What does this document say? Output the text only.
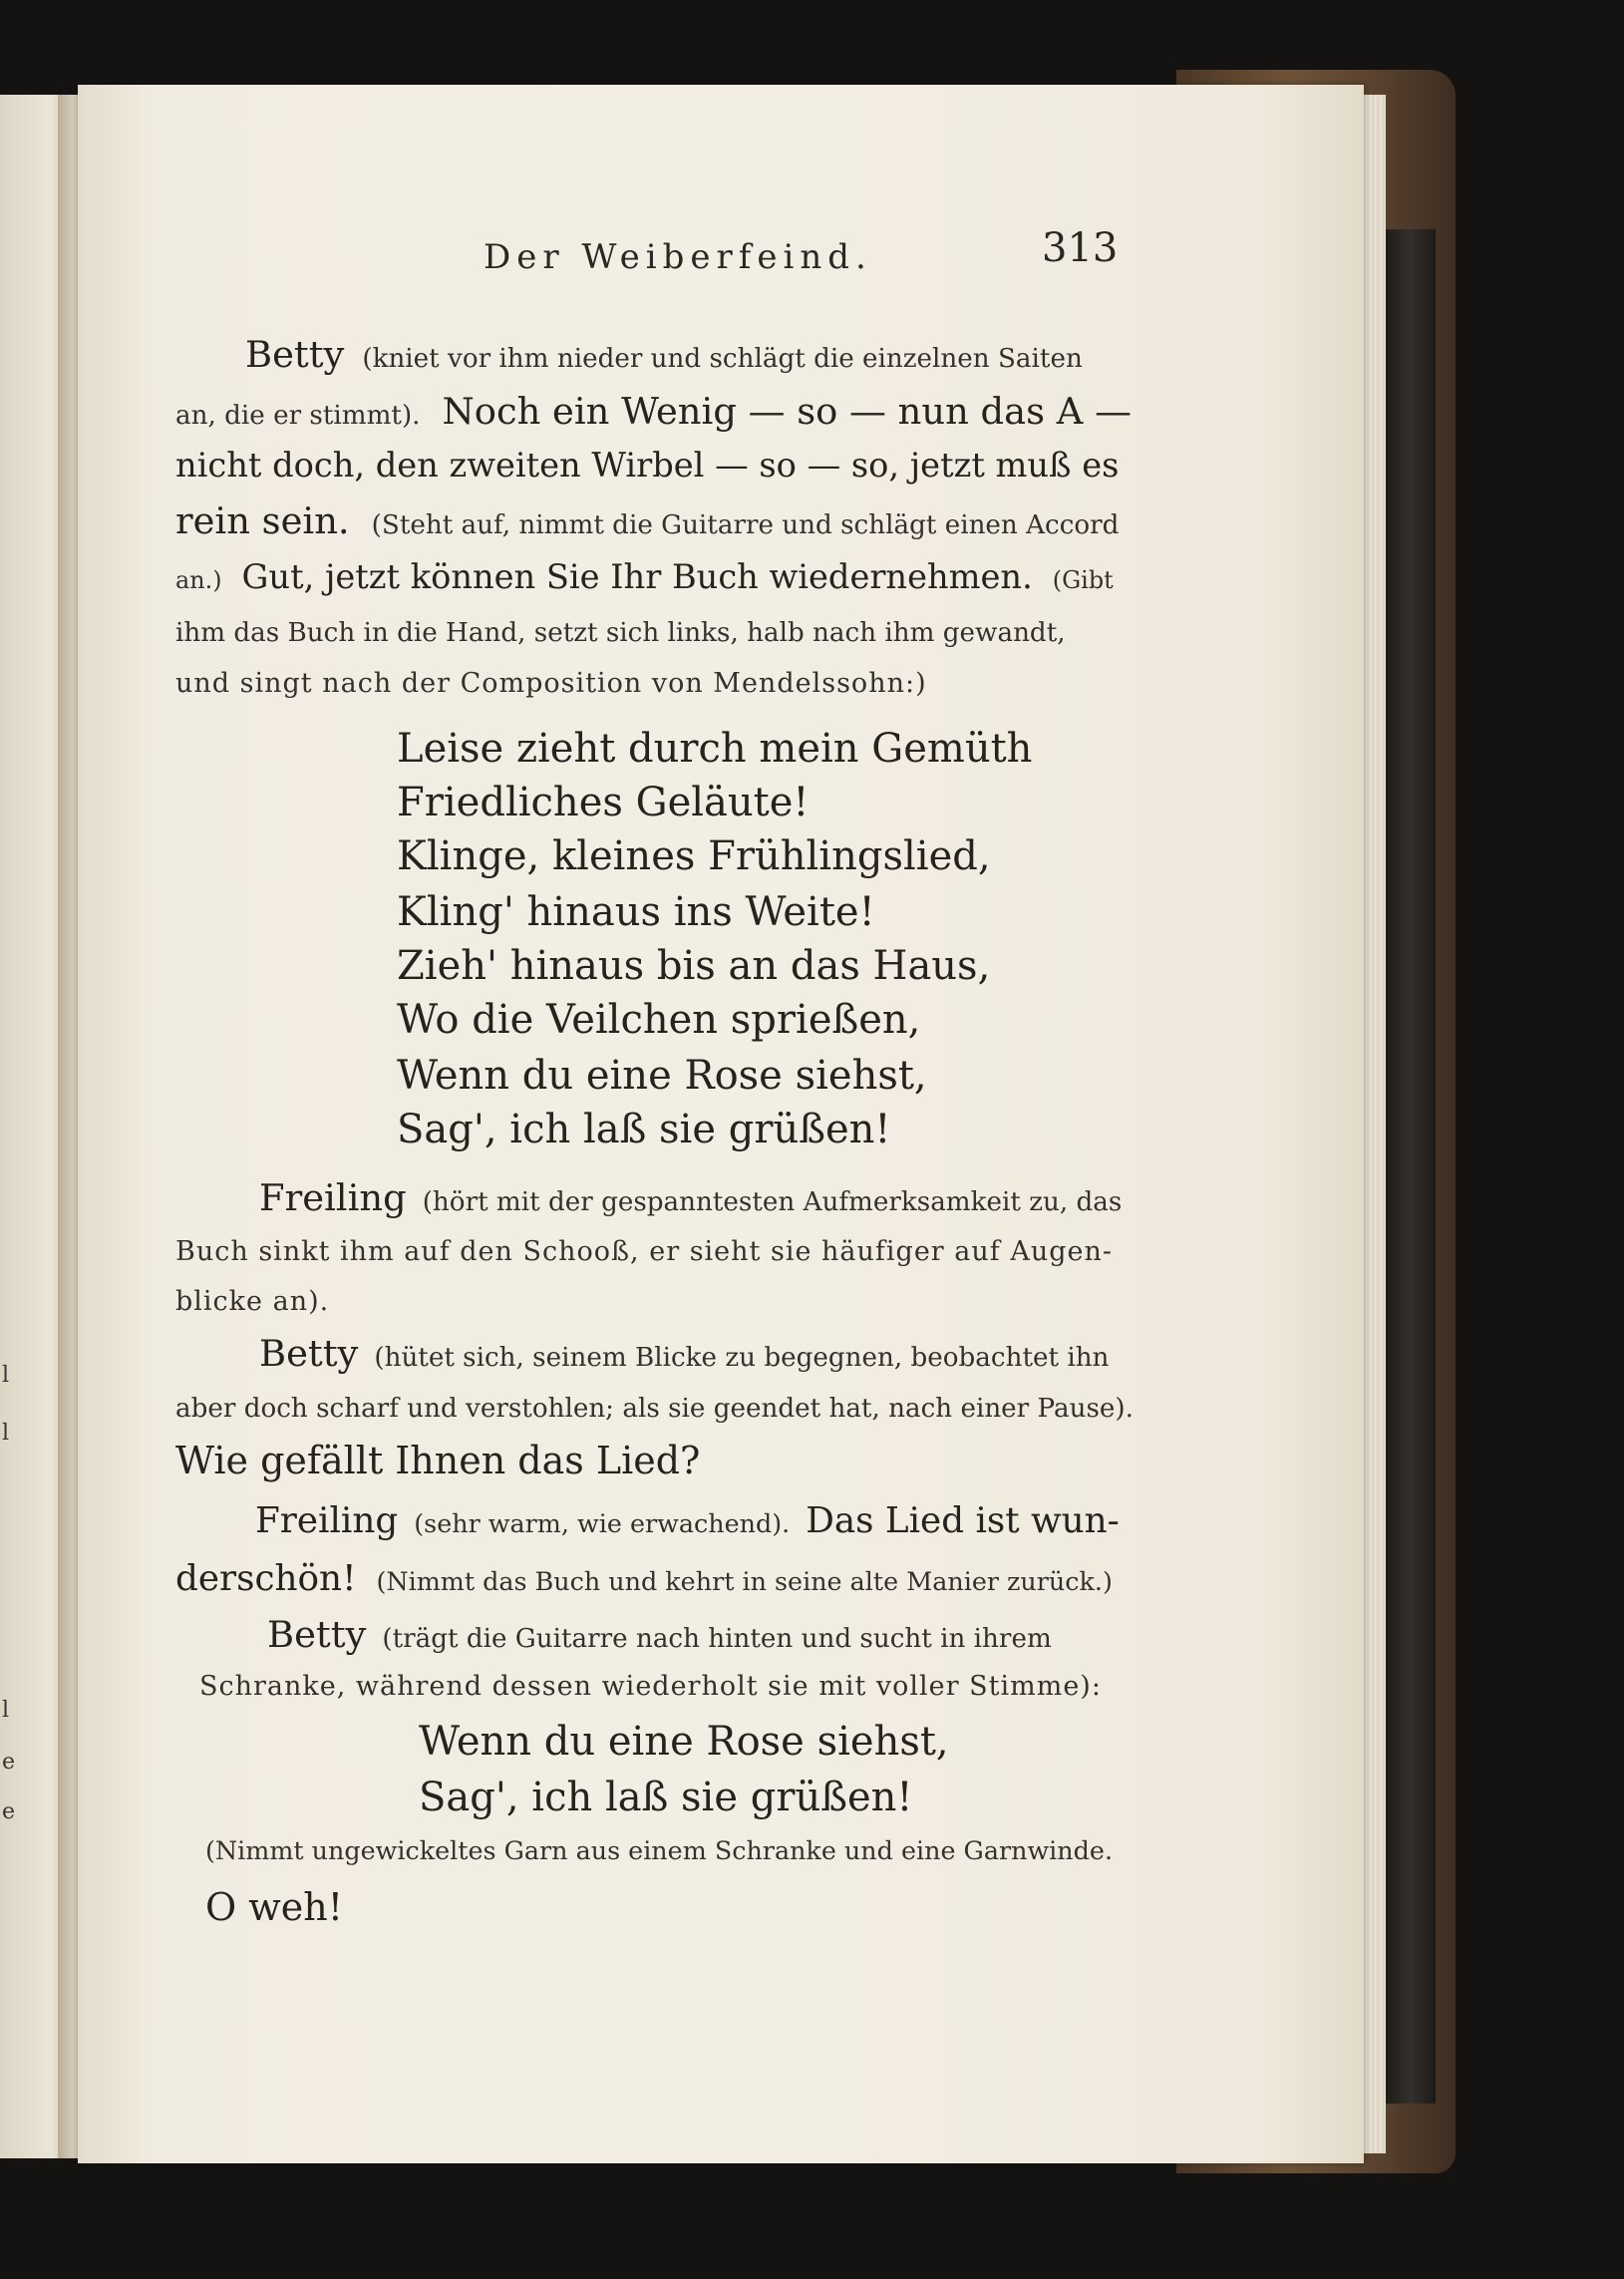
l
l
l
e
e
Der Weiberfeind.	313
Betty (kniet vor ihm nieder und schlägt die einzelnen Saiten
an, die er stimmt). Noch ein Wenig — so — nun das A —
nicht doch, den zweiten Wirbel — so — so, jetzt muß es
rein sein. (Steht auf, nimmt die Guitarre und schlägt einen Accord
an.) Gut, jetzt können Sie Ihr Buch wiedernehmen. (Gibt
ihm das Buch in die Hand, setzt sich links, halb nach ihm gewandt,
und singt nach der Composition von Mendelssohn:)
Leise zieht durch mein Gemüth
Friedliches Geläute!
Klinge, kleines Frühlingslied,
Kling' hinaus ins Weite!
Zieh' hinaus bis an das Haus,
Wo die Veilchen sprießen,
Wenn du eine Rose siehst,
Sag', ich laß sie grüßen!
Freiling (hört mit der gespanntesten Aufmerksamkeit zu, das
Buch sinkt ihm auf den Schooß, er sieht sie häufiger auf Augen-
blicke an).
Betty (hütet sich, seinem Blicke zu begegnen, beobachtet ihn
aber doch scharf und verstohlen; als sie geendet hat, nach einer Pause).
Wie gefällt Ihnen das Lied?
Freiling (sehr warm, wie erwachend). Das Lied ist wun-
derschön! (Nimmt das Buch und kehrt in seine alte Manier zurück.)
Betty (trägt die Guitarre nach hinten und sucht in ihrem
Schranke, während dessen wiederholt sie mit voller Stimme):
Wenn du eine Rose siehst,
Sag', ich laß sie grüßen!
(Nimmt ungewickeltes Garn aus einem Schranke und eine Garnwinde.
O weh!
